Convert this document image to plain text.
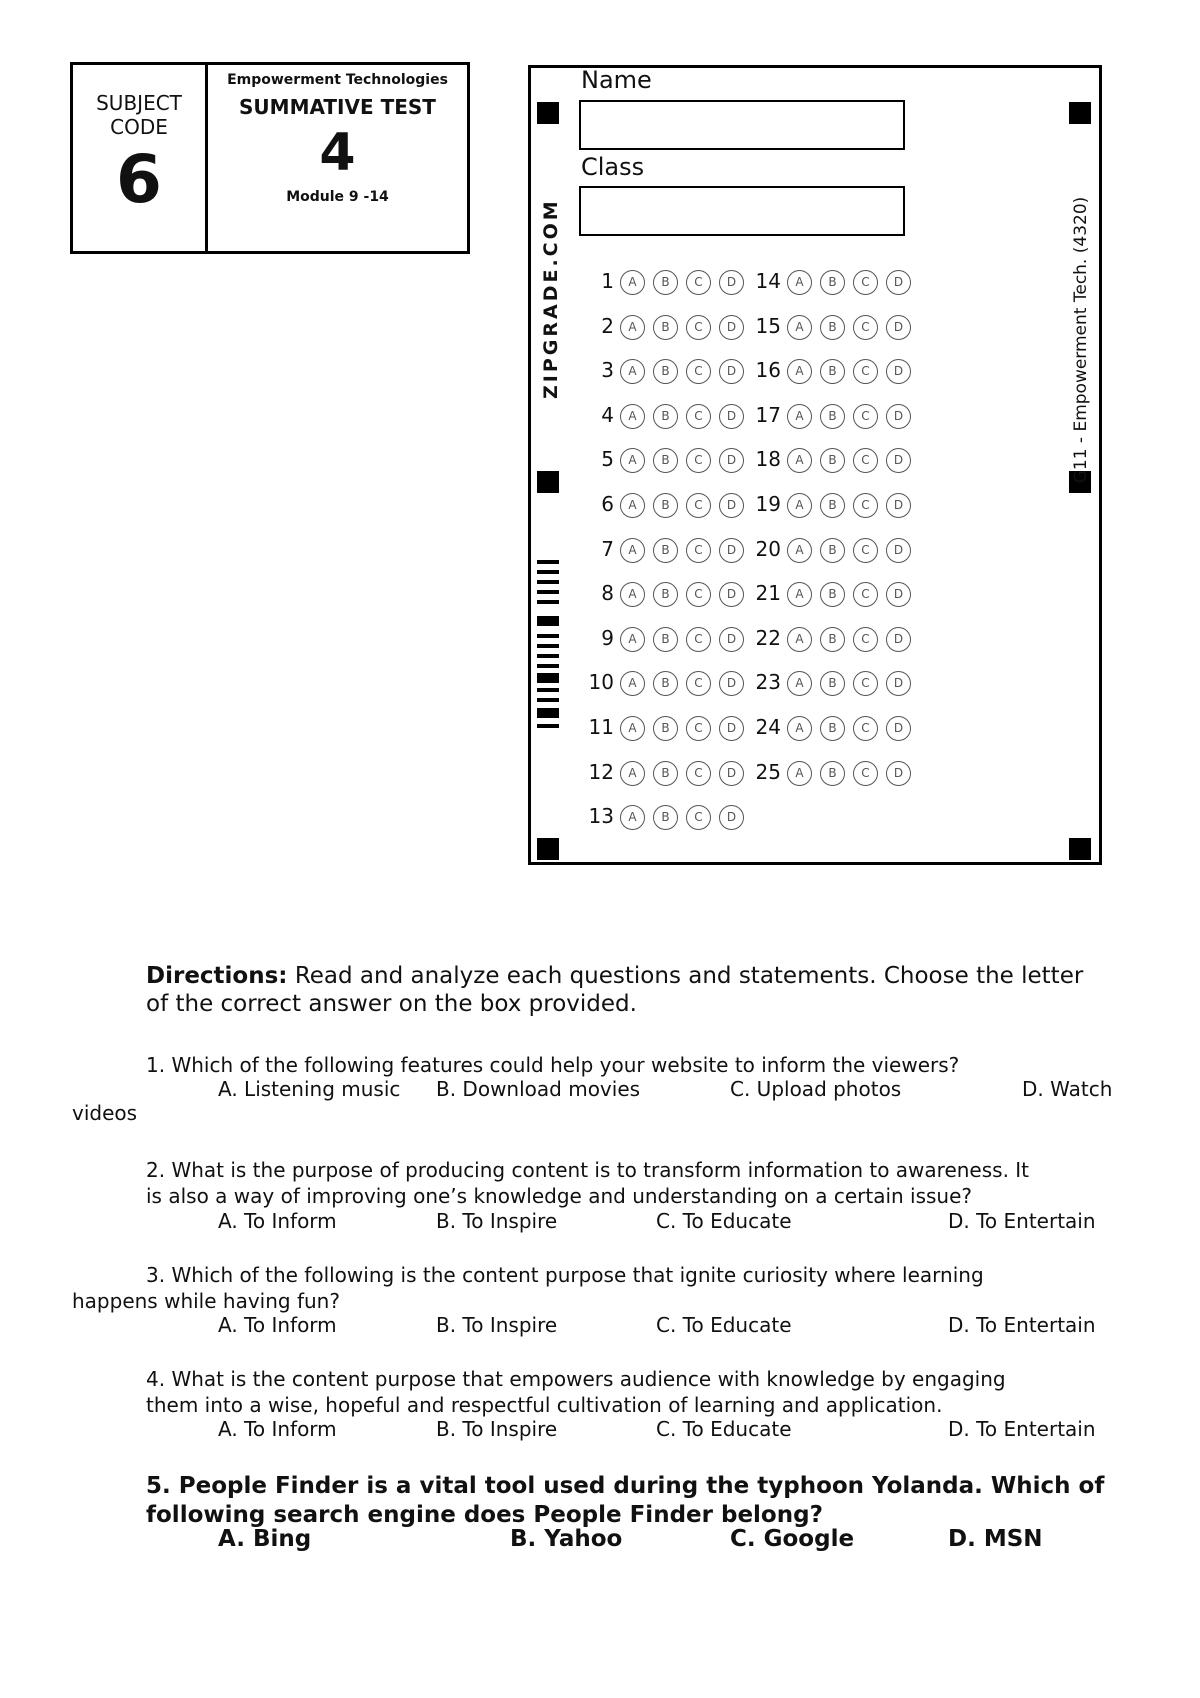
SUBJECT CODE
6
Empowerment Technologies
SUMMATIVE TEST
4
Module 9 -14
Name
Class
ZIPGRADE.COM	G11 - Empowerment Tech. (4320)
1	A	B	C	D
2	A	B	C	D
3	A	B	C	D
4	A	B	C	D
5	A	B	C	D
6	A	B	C	D
7	A	B	C	D
8	A	B	C	D
9	A	B	C	D
10	A	B	C	D
11	A	B	C	D
12	A	B	C	D
13	A	B	C	D
14	A	B	C	D
15	A	B	C	D
16	A	B	C	D
17	A	B	C	D
18	A	B	C	D
19	A	B	C	D
20	A	B	C	D
21	A	B	C	D
22	A	B	C	D
23	A	B	C	D
24	A	B	C	D
25	A	B	C	D
Directions: Read and analyze each questions and statements. Choose the letter of the correct answer on the box provided.
1. Which of the following features could help your website to inform the viewers?
A. Listening music B. Download movies	C. Upload photos	D. Watch
videos
2. What is the purpose of producing content is to transform information to awareness. It
is also a way of improving one’s knowledge and understanding on a certain issue?
A. To Inform	B. To Inspire	C. To Educate	D. To Entertain
3. Which of the following is the content purpose that ignite curiosity where learning
happens while having fun?
A. To Inform	B. To Inspire	C. To Educate	D. To Entertain
4. What is the content purpose that empowers audience with knowledge by engaging
them into a wise, hopeful and respectful cultivation of learning and application.
A. To Inform	B. To Inspire	C. To Educate	D. To Entertain
5. People Finder is a vital tool used during the typhoon Yolanda. Which of
following search engine does People Finder belong?
A. Bing	B. Yahoo	C. Google	D. MSN
